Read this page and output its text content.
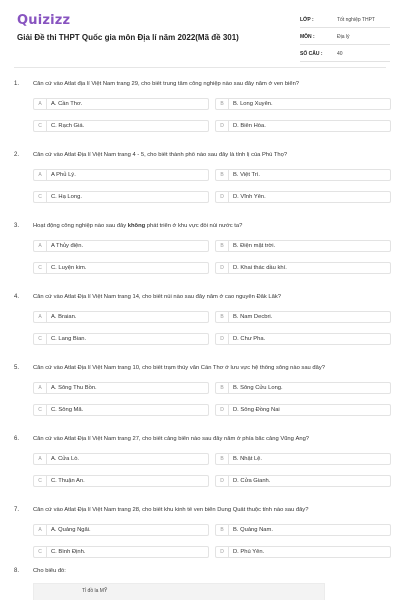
Quizizz
Giải Đề thi THPT Quốc gia môn Địa lí năm 2022(Mã đề 301)
LỚP :	Tốt nghiệp THPT
MÔN :	Địa lý
SỐ CÂU :	40
1. Căn cứ vào Atlat địa lí Việt Nam trang 29, cho biết trung tâm công nghiệp nào sau đây nằm ở ven biển?
A	A. Cần Thơ.	B	B. Long Xuyên.
C	C. Rạch Giá.	D	D. Biên Hòa.
2. Căn cứ vào Atlat Địa lí Việt Nam trang 4 - 5, cho biết thành phố nào sau đây là tỉnh lị của Phú Thọ?
A	A Phủ Lý.	B	B. Việt Trì.
C	C. Hạ Long.	D	D. Vĩnh Yên.
3. Hoạt động công nghiệp nào sau đây không phát triển ở khu vực đồi núi nước ta?
A	A Thủy điện.	B	B. Điện mặt trời.
C	C. Luyện kim.	D	D. Khai thác dầu khí.
4. Căn cứ vào Atlat Địa lí Việt Nam trang 14, cho biết núi nào sau đây nằm ở cao nguyên Đắk Lắk?
A	A. Braian.	B	B. Nam Decbri.
C	C. Lang Bian.	D	D. Chư Pha.
5. Căn cứ vào Atlat Địa lí Việt Nam trang 10, cho biết trạm thủy văn Cần Thơ ở lưu vực hệ thống sông nào sau đây?
A	A. Sông Thu Bồn.	B	B. Sông Cửu Long.
C	C. Sông Mã.	D	D. Sông Đồng Nai
6. Căn cứ vào Atlat Địa lí Việt Nam trang 27, cho biết cảng biển nào sau đây nằm ở phía bắc cảng Vũng Áng?
A	A. Cửa Lò.	B	B. Nhật Lệ.
C	C. Thuận An.	D	D. Cửa Gianh.
7. Căn cứ vào Atlat Địa lí Việt Nam trang 28, cho biết khu kinh tế ven biển Dung Quất thuộc tỉnh nào sau đây?
A	A. Quảng Ngãi.	B	B. Quảng Nam.
C	C. Bình Định.	D	D. Phú Yên.
8. Cho biểu đồ:
Tỉ đồ la MỸ
